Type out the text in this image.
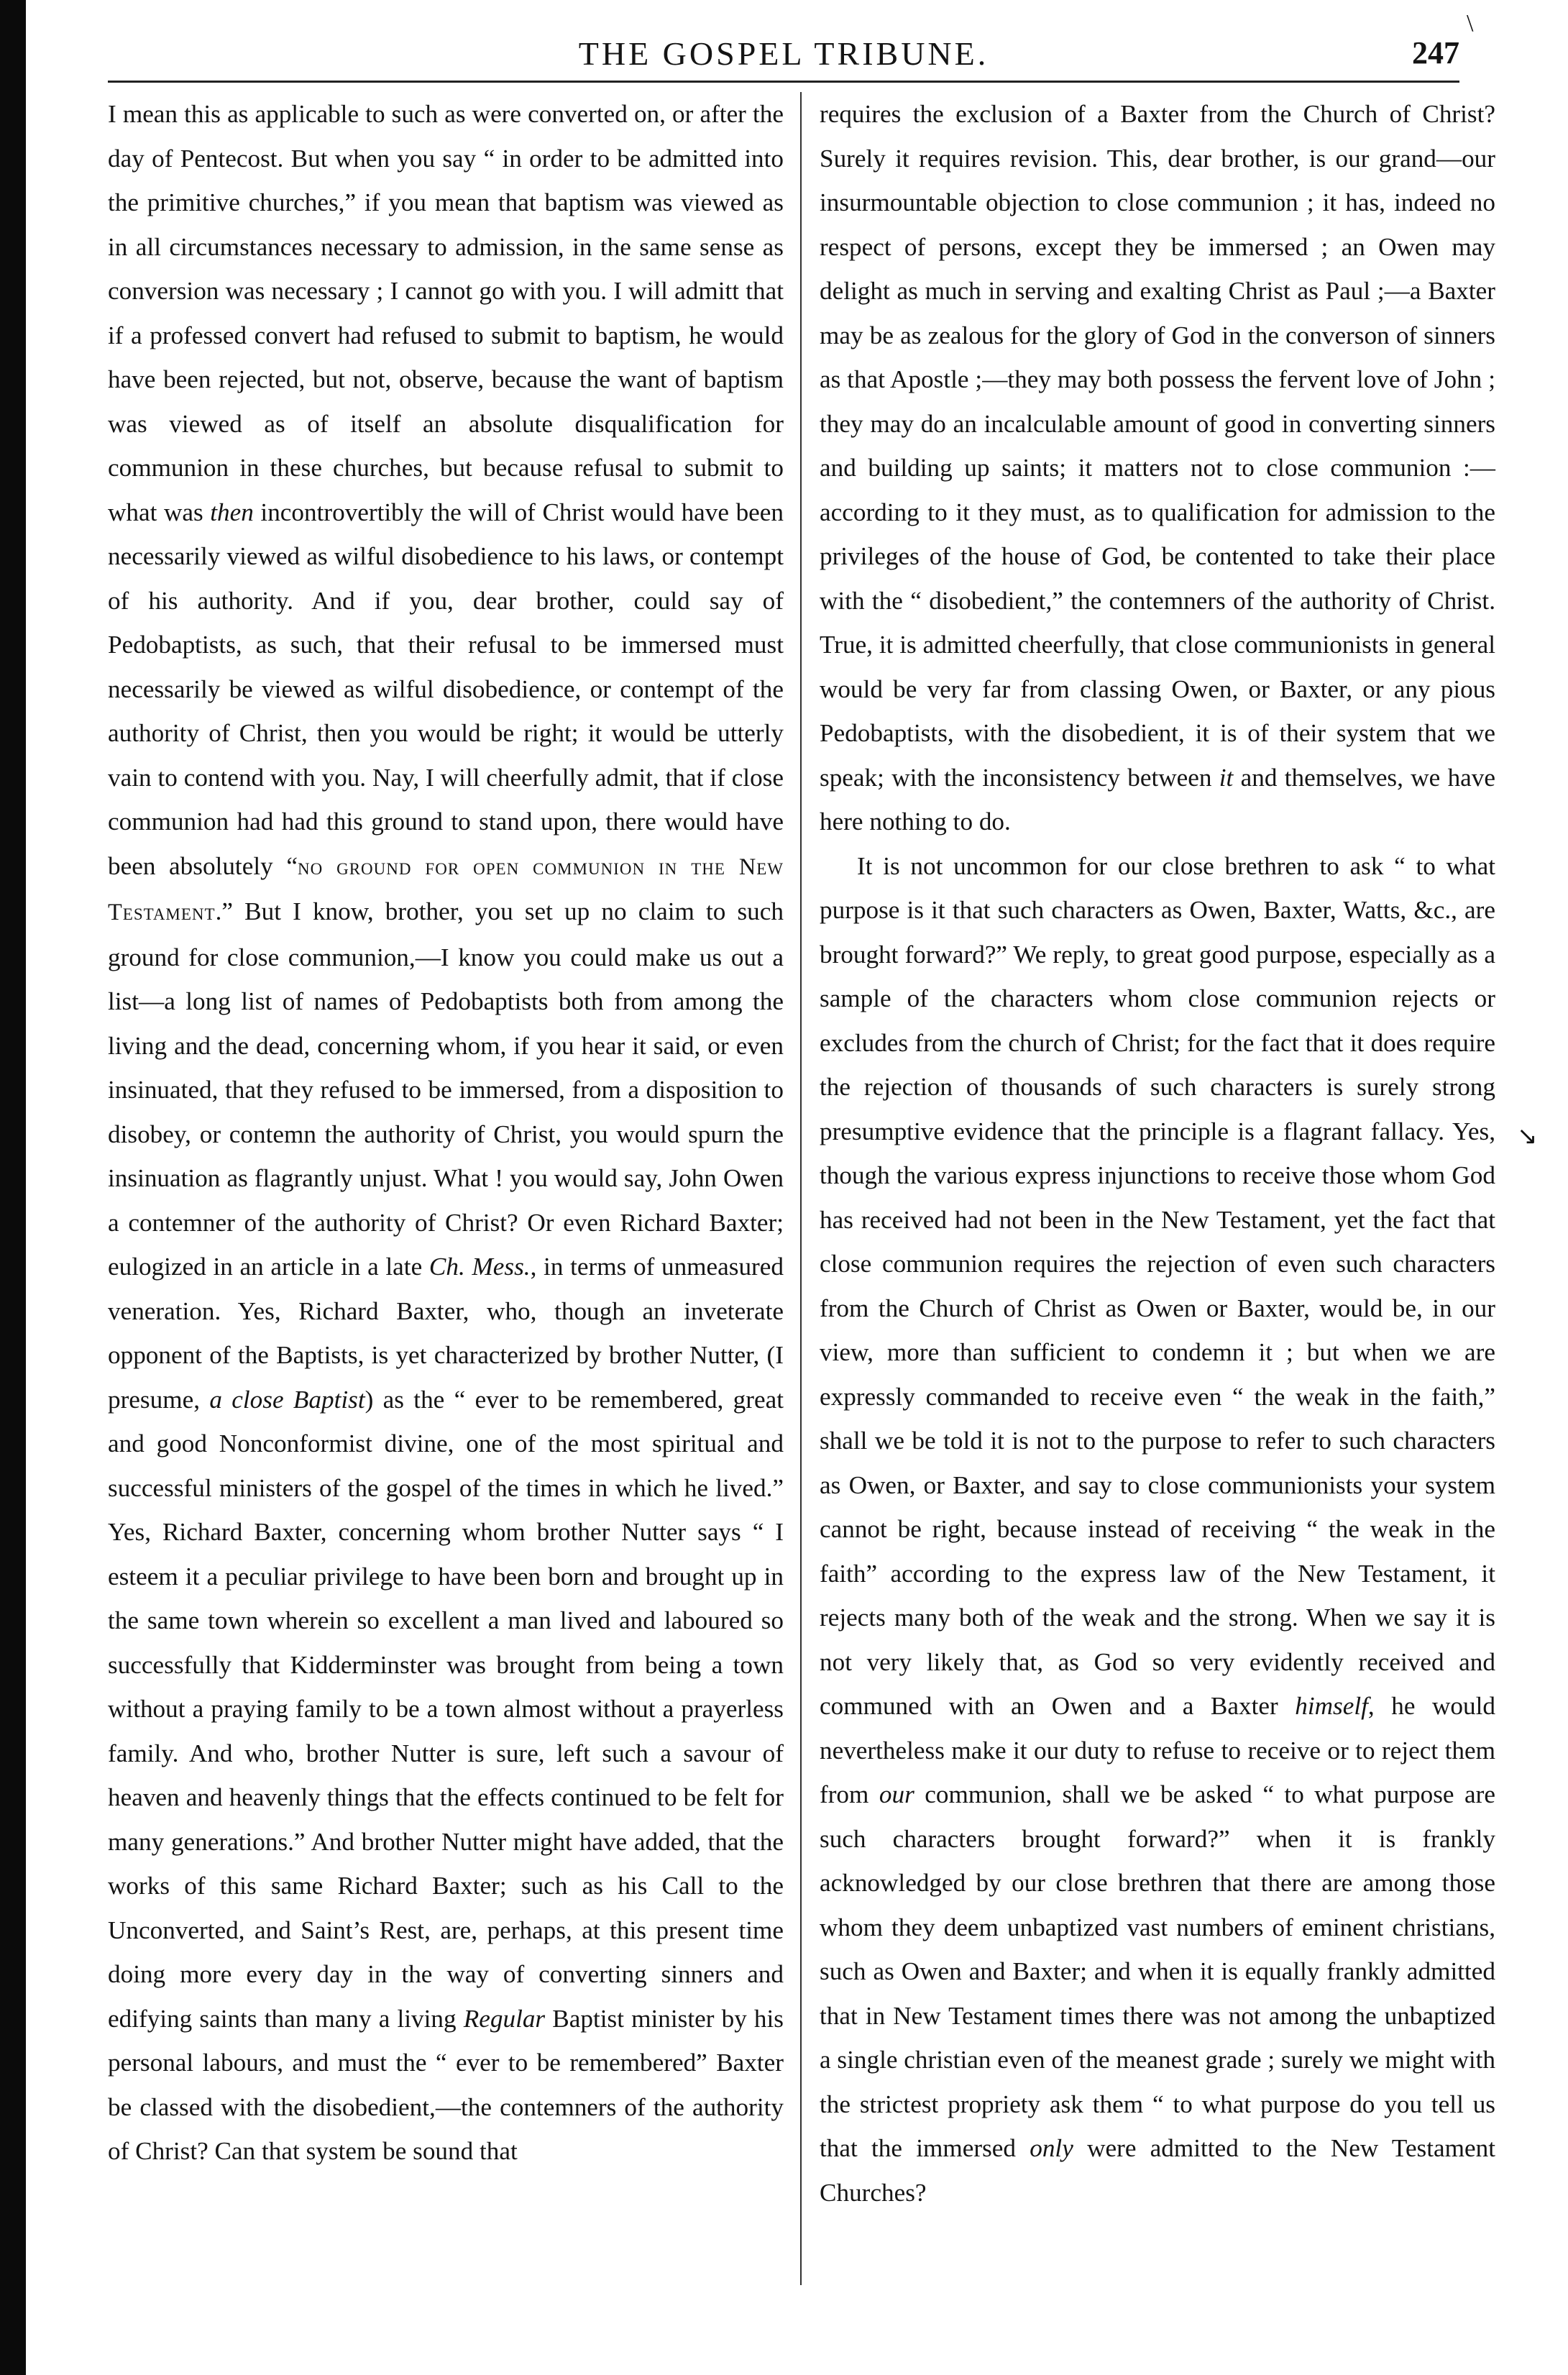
\
↘
THE GOSPEL TRIBUNE.	247

I mean this as applicable to such as were converted on, or after the day of Pentecost. But when you say “ in order to be admitted into the primitive churches,” if you mean that baptism was viewed as in all circumstances necessary to admission, in the same sense as conversion was necessary ; I cannot go with you. I will admitt that if a professed convert had refused to submit to baptism, he would have been rejected, but not, observe, because the want of baptism was viewed as of itself an absolute disqualification for communion in these churches, but because refusal to submit to what was then incontrovertibly the will of Christ would have been necessarily viewed as wilful disobedience to his laws, or contempt of his authority. And if you, dear brother, could say of Pedobaptists, as such, that their refusal to be immersed must necessarily be viewed as wilful disobedience, or contempt of the authority of Christ, then you would be right; it would be utterly vain to contend with you. Nay, I will cheerfully admit, that if close communion had had this ground to stand upon, there would have been absolutely “no ground for open communion in the New Testament.” But I know, brother, you set up no claim to such ground for close communion,—I know you could make us out a list—a long list of names of Pedobaptists both from among the living and the dead, concerning whom, if you hear it said, or even insinuated, that they refused to be immersed, from a disposition to disobey, or contemn the authority of Christ, you would spurn the insinuation as flagrantly unjust. What ! you would say, John Owen a contemner of the authority of Christ? Or even Richard Baxter; eulogized in an article in a late Ch. Mess., in terms of unmeasured veneration. Yes, Richard Baxter, who, though an inveterate opponent of the Baptists, is yet characterized by brother Nutter, (I presume, a close Baptist) as the “ ever to be remembered, great and good Nonconformist divine, one of the most spiritual and successful ministers of the gospel of the times in which he lived.” Yes, Richard Baxter, concerning whom brother Nutter says “ I esteem it a peculiar privilege to have been born and brought up in the same town wherein so excellent a man lived and laboured so successfully that Kidderminster was brought from being a town without a praying family to be a town almost without a prayerless family. And who, brother Nutter is sure, left such a savour of heaven and heavenly things that the effects continued to be felt for many generations.” And brother Nutter might have added, that the works of this same Richard Baxter; such as his Call to the Unconverted, and Saint’s Rest, are, perhaps, at this present time doing more every day in the way of converting sinners and edifying saints than many a living Regular Baptist minister by his personal labours, and must the “ ever to be remembered” Baxter be classed with the disobedient,—the contemners of the authority of Christ? Can that system be sound that

requires the exclusion of a Baxter from the Church of Christ? Surely it requires revision. This, dear brother, is our grand—our insurmountable objection to close communion ; it has, indeed no respect of persons, except they be immersed ; an Owen may delight as much in serving and exalting Christ as Paul ;—a Baxter may be as zealous for the glory of God in the converson of sinners as that Apostle ;—they may both possess the fervent love of John ; they may do an incalculable amount of good in converting sinners and building up saints; it matters not to close communion :—according to it they must, as to qualification for admission to the privileges of the house of God, be contented to take their place with the “ disobedient,” the contemners of the authority of Christ. True, it is admitted cheerfully, that close communionists in general would be very far from classing Owen, or Baxter, or any pious Pedobaptists, with the disobedient, it is of their system that we speak; with the inconsistency between it and themselves, we have here nothing to do.

It is not uncommon for our close brethren to ask “ to what purpose is it that such characters as Owen, Baxter, Watts, &c., are brought forward?” We reply, to great good purpose, especially as a sample of the characters whom close communion rejects or excludes from the church of Christ; for the fact that it does require the rejection of thousands of such characters is surely strong presumptive evidence that the principle is a flagrant fallacy. Yes, though the various express injunctions to receive those whom God has received had not been in the New Testament, yet the fact that close communion requires the rejection of even such characters from the Church of Christ as Owen or Baxter, would be, in our view, more than sufficient to condemn it ; but when we are expressly commanded to receive even “ the weak in the faith,” shall we be told it is not to the purpose to refer to such characters as Owen, or Baxter, and say to close communionists your system cannot be right, because instead of receiving “ the weak in the faith” according to the express law of the New Testament, it rejects many both of the weak and the strong. When we say it is not very likely that, as God so very evidently received and communed with an Owen and a Baxter himself, he would nevertheless make it our duty to refuse to receive or to reject them from our communion, shall we be asked “ to what purpose are such characters brought forward?” when it is frankly acknowledged by our close brethren that there are among those whom they deem unbaptized vast numbers of eminent christians, such as Owen and Baxter; and when it is equally frankly admitted that in New Testament times there was not among the unbaptized a single christian even of the meanest grade ; surely we might with the strictest propriety ask them “ to what purpose do you tell us that the immersed only were admitted to the New Testament Churches?
